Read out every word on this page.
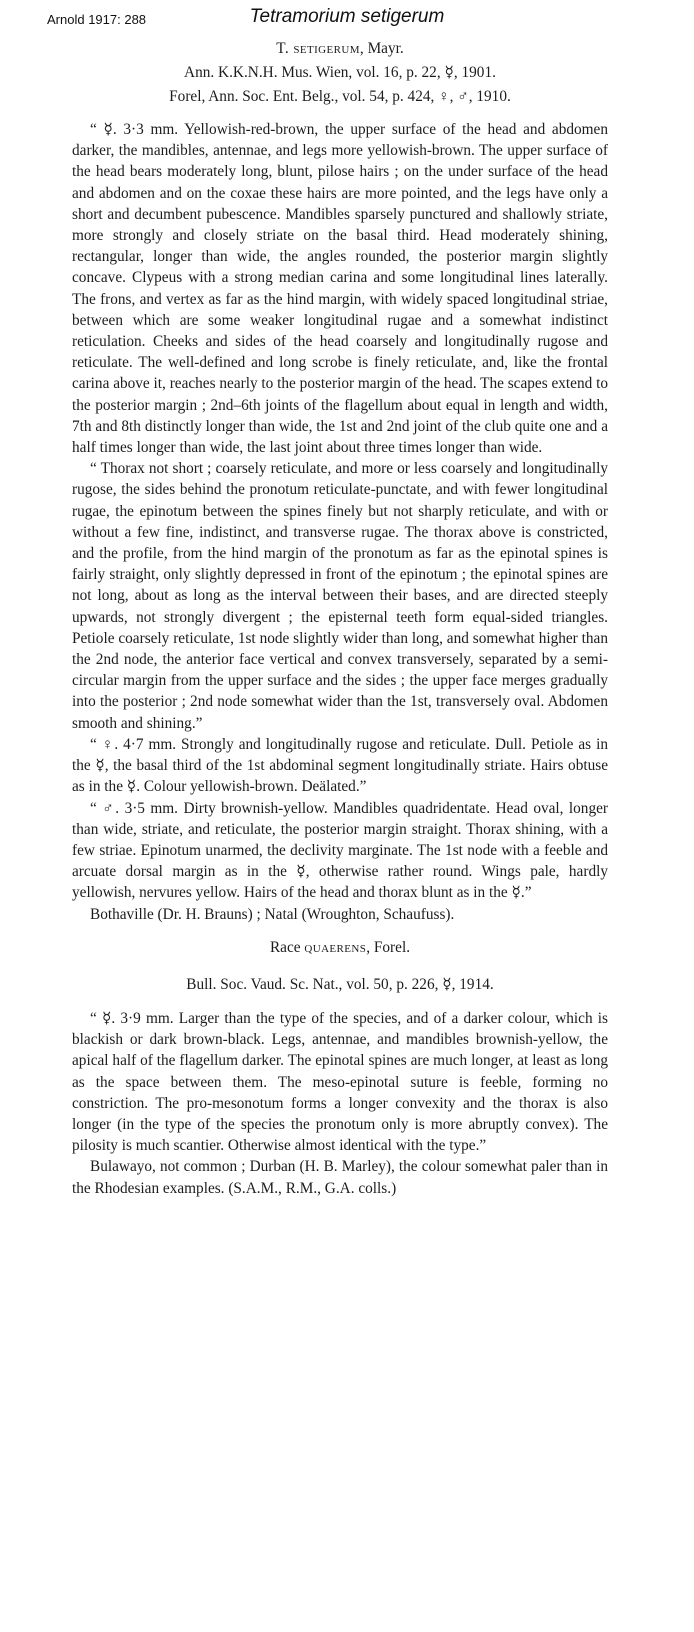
Arnold 1917: 288	Tetramorium setigerum

T. setigerum, Mayr.

Ann. K.K.N.H. Mus. Wien, vol. 16, p. 22, ☿, 1901.

Forel, Ann. Soc. Ent. Belg., vol. 54, p. 424, ♀, ♂, 1910.

“ ☿. 3·3 mm. Yellowish-red-brown, the upper surface of the head and abdomen darker, the mandibles, antennae, and legs more yellowish-brown. The upper surface of the head bears moderately long, blunt, pilose hairs ; on the under surface of the head and abdomen and on the coxae these hairs are more pointed, and the legs have only a short and decumbent pubescence. Mandibles sparsely punctured and shallowly striate, more strongly and closely striate on the basal third. Head moderately shining, rectangular, longer than wide, the angles rounded, the posterior margin slightly concave. Clypeus with a strong median carina and some longitudinal lines laterally. The frons, and vertex as far as the hind margin, with widely spaced longitudinal striae, between which are some weaker longitudinal rugae and a somewhat indistinct reticulation. Cheeks and sides of the head coarsely and longitudinally rugose and reticulate. The well-defined and long scrobe is finely reticulate, and, like the frontal carina above it, reaches nearly to the posterior margin of the head. The scapes extend to the posterior margin ; 2nd–6th joints of the flagellum about equal in length and width, 7th and 8th distinctly longer than wide, the 1st and 2nd joint of the club quite one and a half times longer than wide, the last joint about three times longer than wide.

“ Thorax not short ; coarsely reticulate, and more or less coarsely and longitudinally rugose, the sides behind the pronotum reticulate-punctate, and with fewer longitudinal rugae, the epinotum between the spines finely but not sharply reticulate, and with or without a few fine, indistinct, and transverse rugae. The thorax above is constricted, and the profile, from the hind margin of the pronotum as far as the epinotal spines is fairly straight, only slightly depressed in front of the epinotum ; the epinotal spines are not long, about as long as the interval between their bases, and are directed steeply upwards, not strongly divergent ; the episternal teeth form equal-sided triangles. Petiole coarsely reticulate, 1st node slightly wider than long, and somewhat higher than the 2nd node, the anterior face vertical and convex transversely, separated by a semi-circular margin from the upper surface and the sides ; the upper face merges gradually into the posterior ; 2nd node somewhat wider than the 1st, transversely oval. Abdomen smooth and shining.”

“ ♀. 4·7 mm. Strongly and longitudinally rugose and reticulate. Dull. Petiole as in the ☿, the basal third of the 1st abdominal segment longitudinally striate. Hairs obtuse as in the ☿. Colour yellowish-brown. Deälated.”

“ ♂. 3·5 mm. Dirty brownish-yellow. Mandibles quadridentate. Head oval, longer than wide, striate, and reticulate, the posterior margin straight. Thorax shining, with a few striae. Epinotum unarmed, the declivity marginate. The 1st node with a feeble and arcuate dorsal margin as in the ☿, otherwise rather round. Wings pale, hardly yellowish, nervures yellow. Hairs of the head and thorax blunt as in the ☿.”

Bothaville (Dr. H. Brauns) ; Natal (Wroughton, Schaufuss).

Race quaerens, Forel.

Bull. Soc. Vaud. Sc. Nat., vol. 50, p. 226, ☿, 1914.

“ ☿. 3·9 mm. Larger than the type of the species, and of a darker colour, which is blackish or dark brown-black. Legs, antennae, and mandibles brownish-yellow, the apical half of the flagellum darker. The epinotal spines are much longer, at least as long as the space between them. The meso-epinotal suture is feeble, forming no constriction. The pro-mesonotum forms a longer convexity and the thorax is also longer (in the type of the species the pronotum only is more abruptly convex). The pilosity is much scantier. Otherwise almost identical with the type.”

Bulawayo, not common ; Durban (H. B. Marley), the colour somewhat paler than in the Rhodesian examples. (S.A.M., R.M., G.A. colls.)
